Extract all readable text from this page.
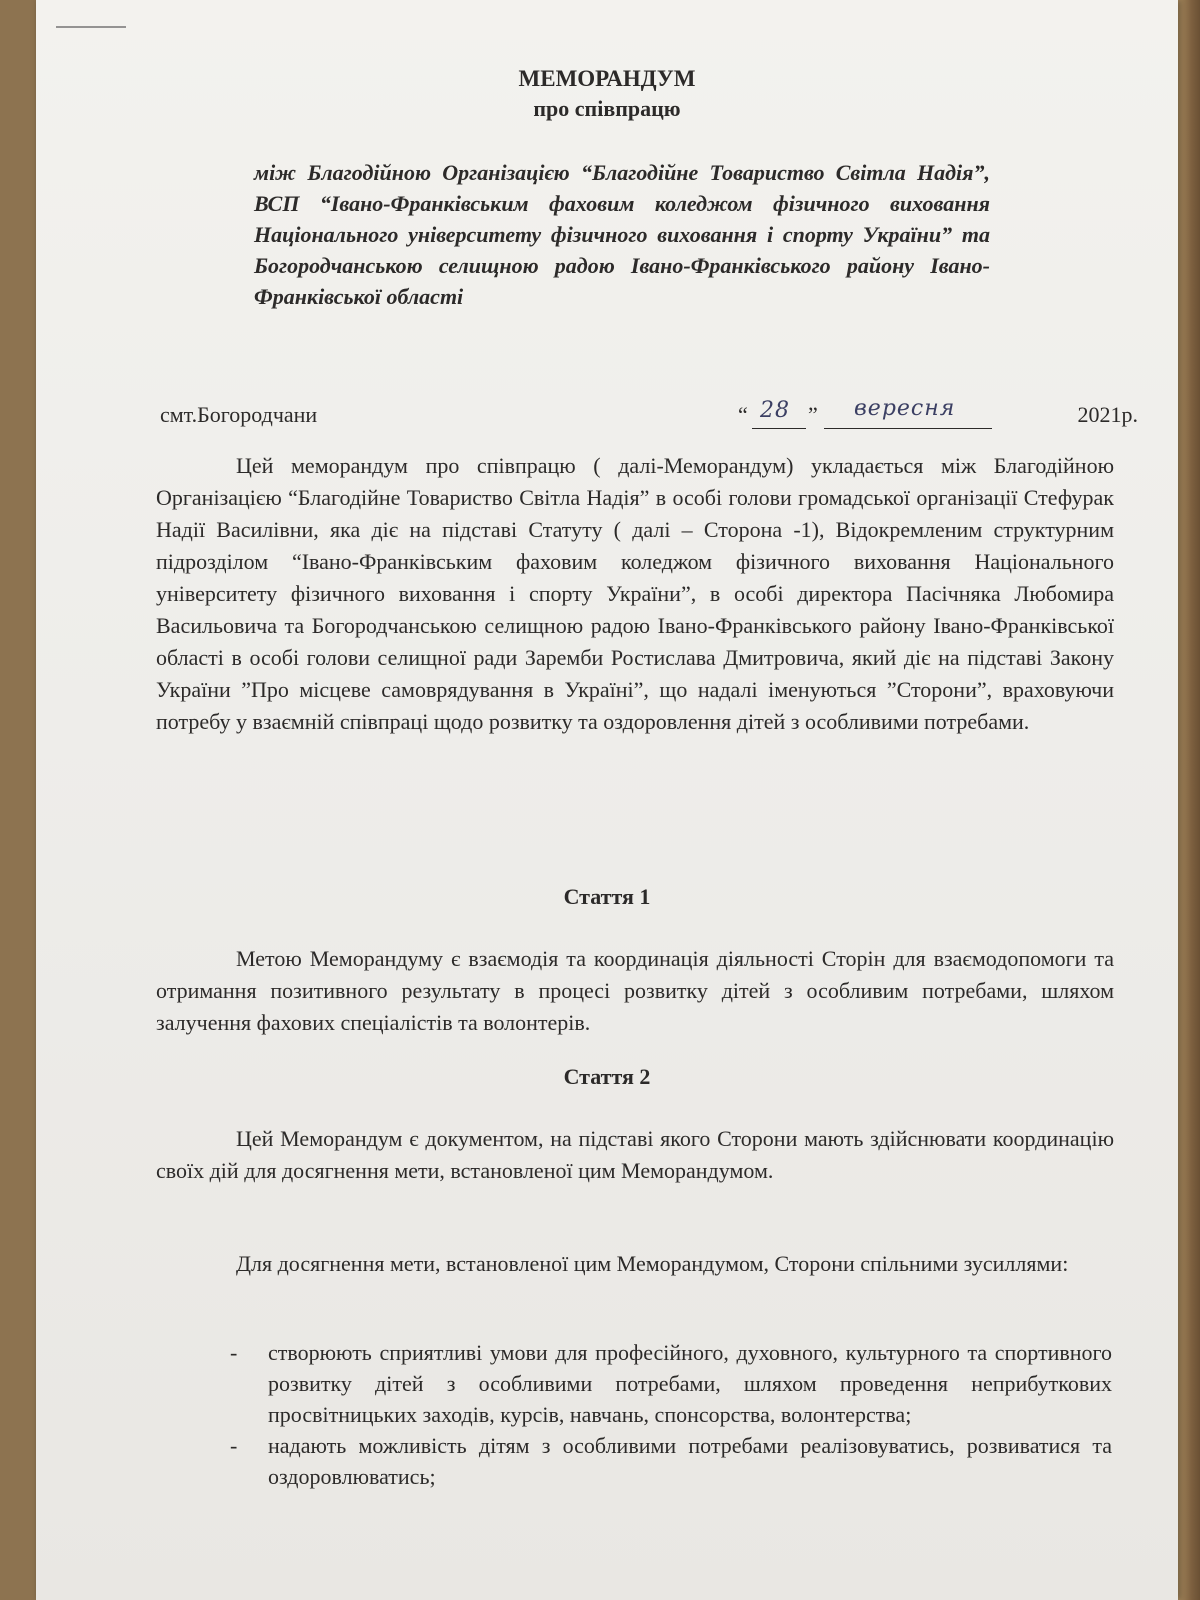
МЕМОРАНДУМ
про співпрацю
між Благодійною Організацією “Благодійне Товариство Світла Надія”, ВСП “Івано-Франківським фаховим коледжом фізичного виховання Національного університету фізичного виховання і спорту України” та Богородчанською селищною радою Івано-Франківського району Івано-Франківської області
смт.Богородчани	“ 28 ” вересня	2021р.
Цей меморандум про співпрацю ( далі-Меморандум) укладається між Благодійною Організацією “Благодійне Товариство Світла Надія” в особі голови громадської організації Стефурак Надії Василівни, яка діє на підставі Статуту ( далі – Сторона -1), Відокремленим структурним підрозділом “Івано-Франківським фаховим коледжом фізичного виховання Національного університету фізичного виховання і спорту України”, в особі директора Пасічняка Любомира Васильовича та Богородчанською селищною радою Івано-Франківського району Івано-Франківської області в особі голови селищної ради Заремби Ростислава Дмитровича, який діє на підставі Закону України ”Про місцеве самоврядування в Україні”, що надалі іменуються ”Сторони”, враховуючи потребу у взаємній співпраці щодо розвитку та оздоровлення дітей з особливими потребами.
Стаття 1
Метою Меморандуму є взаємодія та координація діяльності Сторін для взаємодопомоги та отримання позитивного результату в процесі розвитку дітей з особливим потребами, шляхом залучення фахових спеціалістів та волонтерів.
Стаття 2
Цей Меморандум є документом, на підставі якого Сторони мають здійснювати координацію своїх дій для досягнення мети, встановленої цим Меморандумом.
Для досягнення мети, встановленої цим Меморандумом, Сторони спільними зусиллями:
- створюють сприятливі умови для професійного, духовного, культурного та спортивного розвитку дітей з особливими потребами, шляхом проведення неприбуткових просвітницьких заходів, курсів, навчань, спонсорства, волонтерства;
- надають можливість дітям з особливими потребами реалізовуватись, розвиватися та оздоровлюватись;
